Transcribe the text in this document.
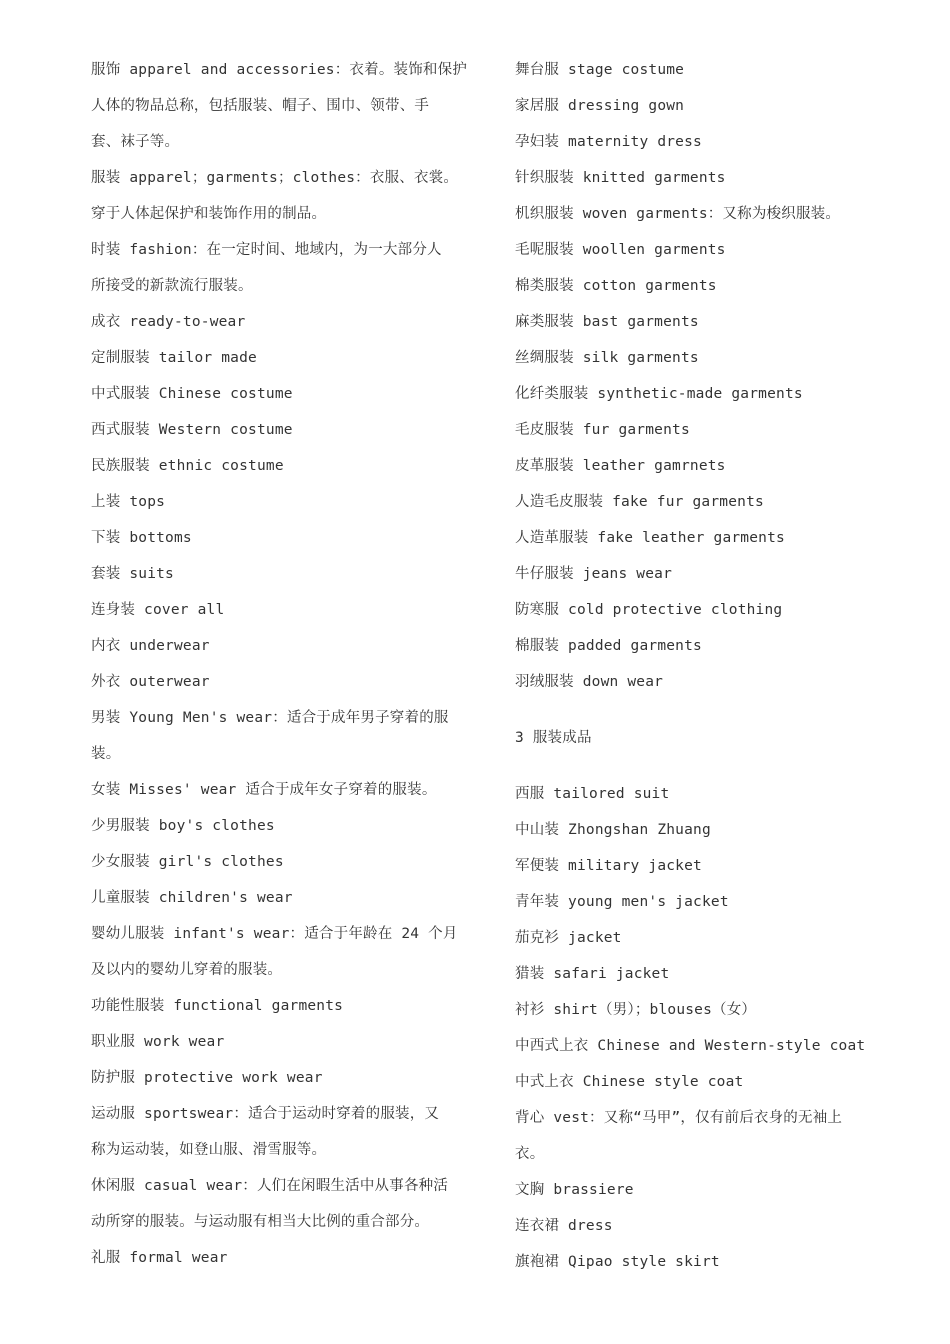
服饰 apparel and accessories：衣着。装饰和保护
人体的物品总称，包括服装、帽子、围巾、领带、手
套、袜子等。
服装 apparel；garments；clothes：衣服、衣裳。
穿于人体起保护和装饰作用的制品。
时装 fashion：在一定时间、地域内，为一大部分人
所接受的新款流行服装。
成衣 ready-to-wear
定制服装 tailor made
中式服装 Chinese costume
西式服装 Western costume
民族服装 ethnic costume
上装 tops
下装 bottoms
套装 suits
连身装 cover all
内衣 underwear
外衣 outerwear
男装 Young Men's wear：适合于成年男子穿着的服
装。
女装 Misses' wear 适合于成年女子穿着的服装。
少男服装 boy's clothes
少女服装 girl's clothes
儿童服装 children's wear
婴幼儿服装 infant's wear：适合于年龄在 24 个月
及以内的婴幼儿穿着的服装。
功能性服装 functional garments
职业服 work wear
防护服 protective work wear
运动服 sportswear：适合于运动时穿着的服装，又
称为运动装，如登山服、滑雪服等。
休闲服 casual wear：人们在闲暇生活中从事各种活
动所穿的服装。与运动服有相当大比例的重合部分。
礼服 formal wear
舞台服 stage costume
家居服 dressing gown
孕妇装 maternity dress
针织服装 knitted garments
机织服装 woven garments：又称为梭织服装。
毛呢服装 woollen garments
棉类服装 cotton garments
麻类服装 bast garments
丝绸服装 silk garments
化纤类服装 synthetic-made garments
毛皮服装 fur garments
皮革服装 leather gamrnets
人造毛皮服装 fake fur garments
人造革服装 fake leather garments
牛仔服装 jeans wear
防寒服 cold protective clothing
棉服装 padded garments
羽绒服装 down wear
3 服装成品
西服 tailored suit
中山装 Zhongshan Zhuang
军便装 military jacket
青年装 young men's jacket
茄克衫 jacket
猎装 safari jacket
衬衫 shirt（男）；blouses（女）
中西式上衣 Chinese and Western-style coat
中式上衣 Chinese style coat
背心 vest：又称“马甲”，仅有前后衣身的无袖上
衣。
文胸 brassiere
连衣裙 dress
旗袍裙 Qipao style skirt
